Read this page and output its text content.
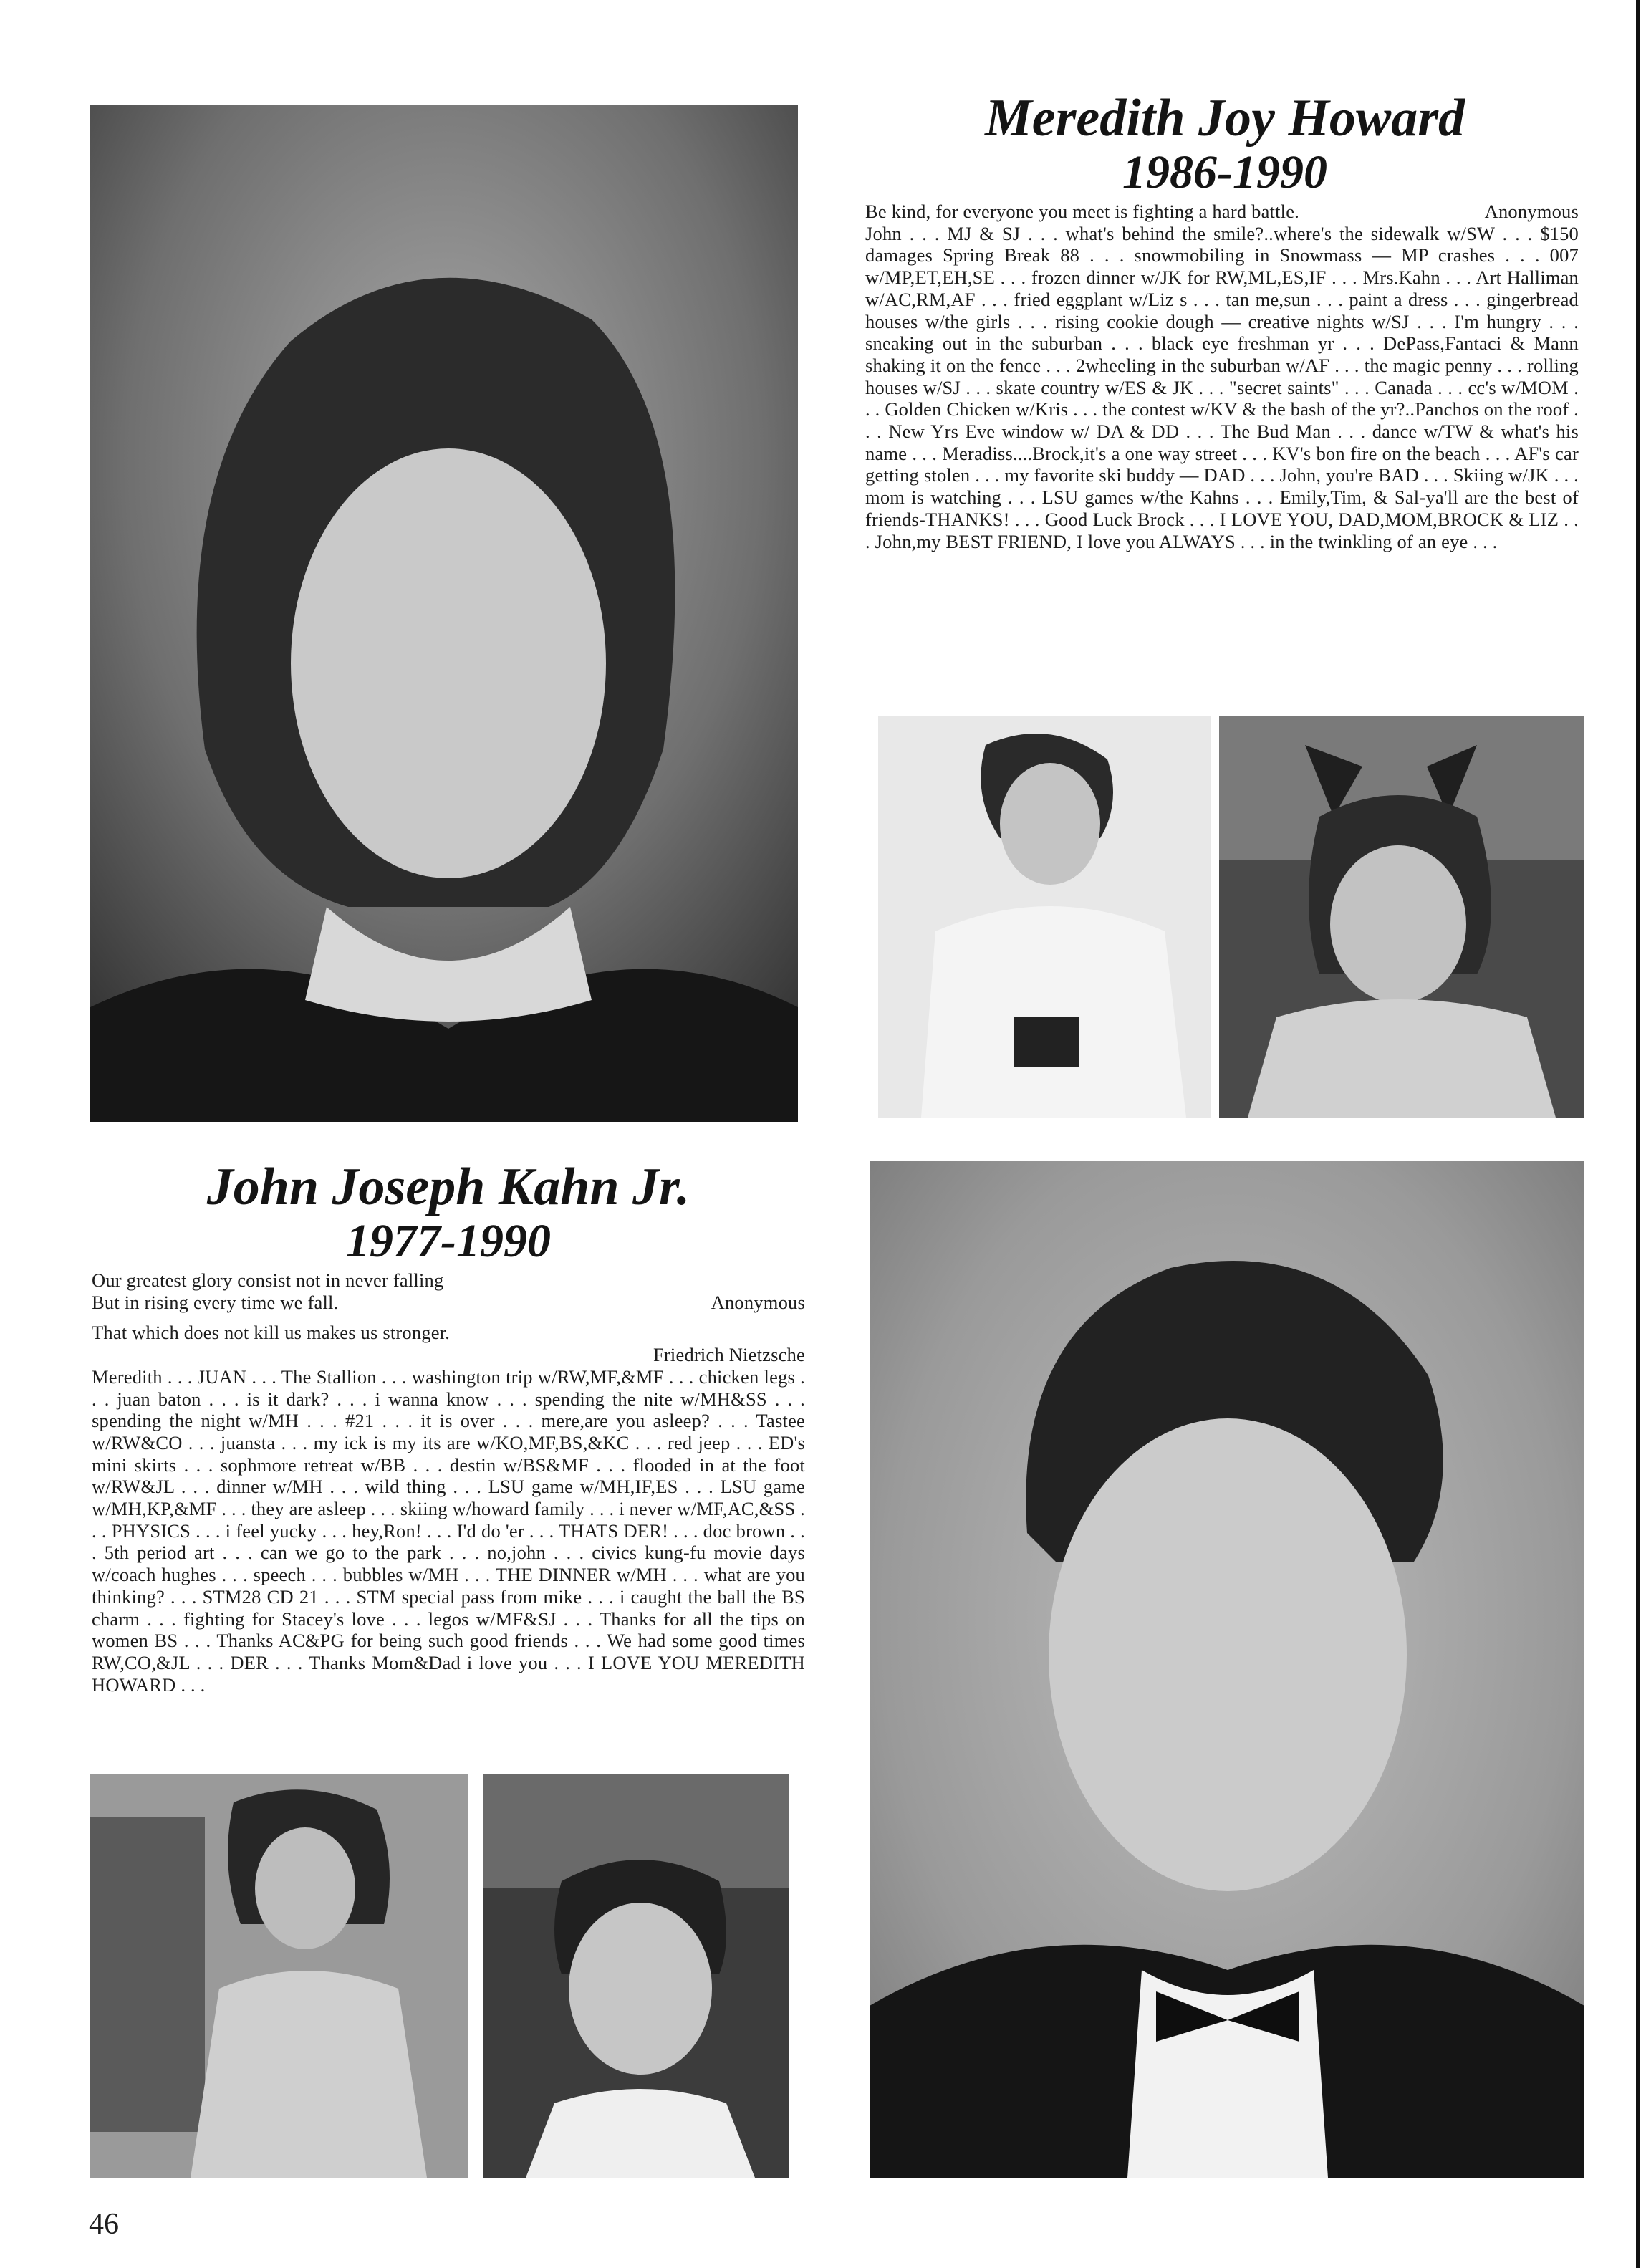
Meredith Joy Howard
1986-1990
Be kind, for everyone you meet is fighting a hard battle.	Anonymous
John . . . MJ & SJ . . . what's behind the smile?..where's the sidewalk w/SW . . . $150 damages Spring Break 88 . . . snowmobiling in Snowmass — MP crashes . . . 007 w/MP,ET,EH,SE . . . frozen dinner w/JK for RW,ML,ES,IF . . . Mrs.Kahn . . . Art Halliman w/AC,RM,AF . . . fried eggplant w/Liz s . . . tan me,sun . . . paint a dress . . . gingerbread houses w/the girls . . . rising cookie dough — creative nights w/SJ . . . I'm hungry . . . sneaking out in the suburban . . . black eye freshman yr . . . DePass,Fantaci & Mann shaking it on the fence . . . 2wheeling in the suburban w/AF . . . the magic penny . . . rolling houses w/SJ . . . skate country w/ES & JK . . . "secret saints" . . . Canada . . . cc's w/MOM . . . Golden Chicken w/Kris . . . the contest w/KV & the bash of the yr?..Panchos on the roof . . . New Yrs Eve window w/ DA & DD . . . The Bud Man . . . dance w/TW & what's his name . . . Meradiss....Brock,it's a one way street . . . KV's bon fire on the beach . . . AF's car getting stolen . . . my favorite ski buddy — DAD . . . John, you're BAD . . . Skiing w/JK . . . mom is watching . . . LSU games w/the Kahns . . . Emily,Tim, & Sal-ya'll are the best of friends-THANKS! . . . Good Luck Brock . . . I LOVE YOU, DAD,MOM,BROCK & LIZ . . . John,my BEST FRIEND, I love you ALWAYS . . . in the twinkling of an eye . . .
John Joseph Kahn Jr.
1977-1990
Our greatest glory consist not in never falling
But in rising every time we fall.	Anonymous
That which does not kill us makes us stronger.
Friedrich Nietzsche
Meredith . . . JUAN . . . The Stallion . . . washington trip w/RW,MF,&MF . . . chicken legs . . . juan baton . . . is it dark? . . . i wanna know . . . spending the nite w/MH&SS . . . spending the night w/MH . . . #21 . . . it is over . . . mere,are you asleep? . . . Tastee w/RW&CO . . . juansta . . . my ick is my its are w/KO,MF,BS,&KC . . . red jeep . . . ED's mini skirts . . . sophmore retreat w/BB . . . destin w/BS&MF . . . flooded in at the foot w/RW&JL . . . dinner w/MH . . . wild thing . . . LSU game w/MH,IF,ES . . . LSU game w/MH,KP,&MF . . . they are asleep . . . skiing w/howard family . . . i never w/MF,AC,&SS . . . PHYSICS . . . i feel yucky . . . hey,Ron! . . . I'd do 'er . . . THATS DER! . . . doc brown . . . 5th period art . . . can we go to the park . . . no,john . . . civics kung-fu movie days w/coach hughes . . . speech . . . bubbles w/MH . . . THE DINNER w/MH . . . what are you thinking? . . . STM28 CD 21 . . . STM special pass from mike . . . i caught the ball the BS charm . . . fighting for Stacey's love . . . legos w/MF&SJ . . . Thanks for all the tips on women BS . . . Thanks AC&PG for being such good friends . . . We had some good times RW,CO,&JL . . . DER . . . Thanks Mom&Dad i love you . . . I LOVE YOU MEREDITH HOWARD . . .
46
